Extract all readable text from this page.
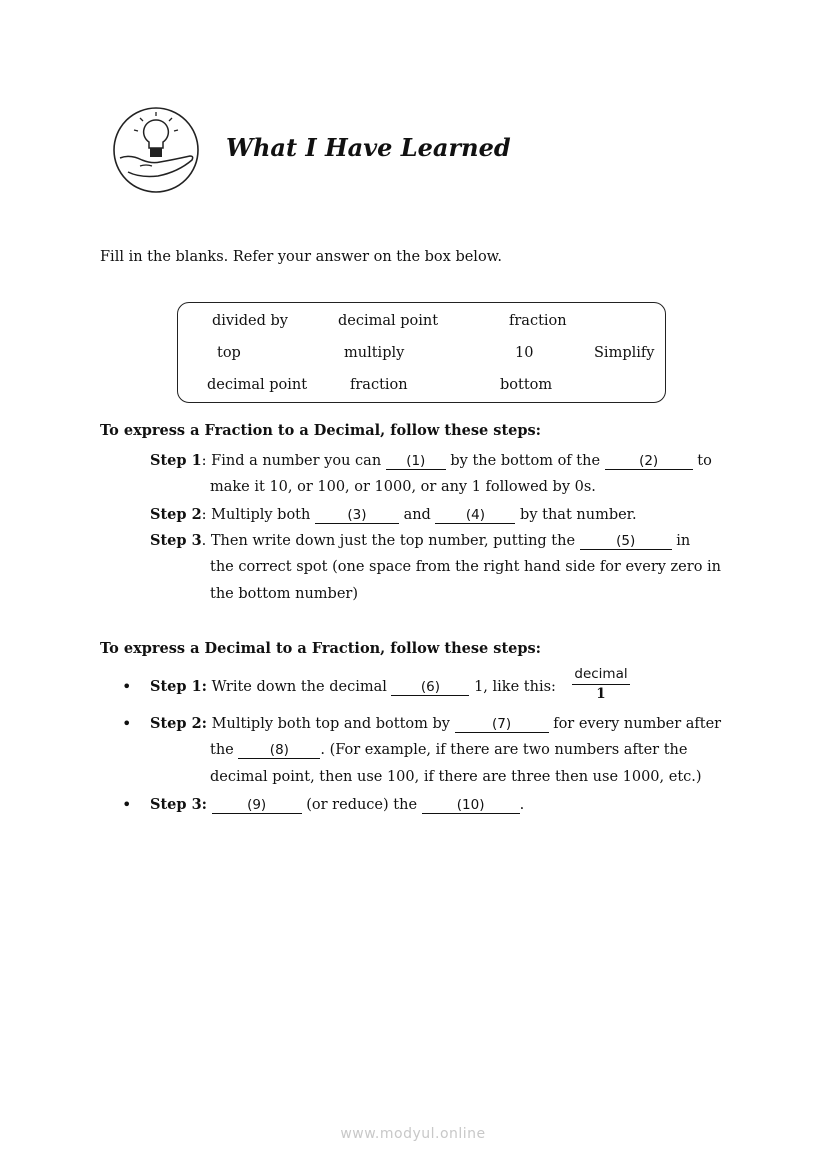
What I Have Learned
Fill in the blanks. Refer your answer on the box below.
divided by	decimal point	fraction
top	multiply	10	Simplify
decimal point	fraction	bottom
To express a Fraction to a Decimal, follow these steps:
Step 1: Find a number you can (1) by the bottom of the	(2) to
make it 10, or 100, or 1000, or any 1 followed by 0s.
Step 2: Multiply both (3) and (4) by that number.
Step 3. Then write down just the top number, putting the	(5)	in
the correct spot (one space from the right hand side for every zero in
the bottom number)
To express a Decimal to a Fraction, follow these steps:
• Step 1: Write down the decimal (6) 1, like this:
decimal
1
• Step 2: Multiply both top and bottom by	(7)	for every number after
the (8) . (For example, if there are two numbers after the
decimal point, then use 100, if there are three then use 1000, etc.)
• Step 3:	(9) (or reduce) the	(10) .
www.modyul.online
